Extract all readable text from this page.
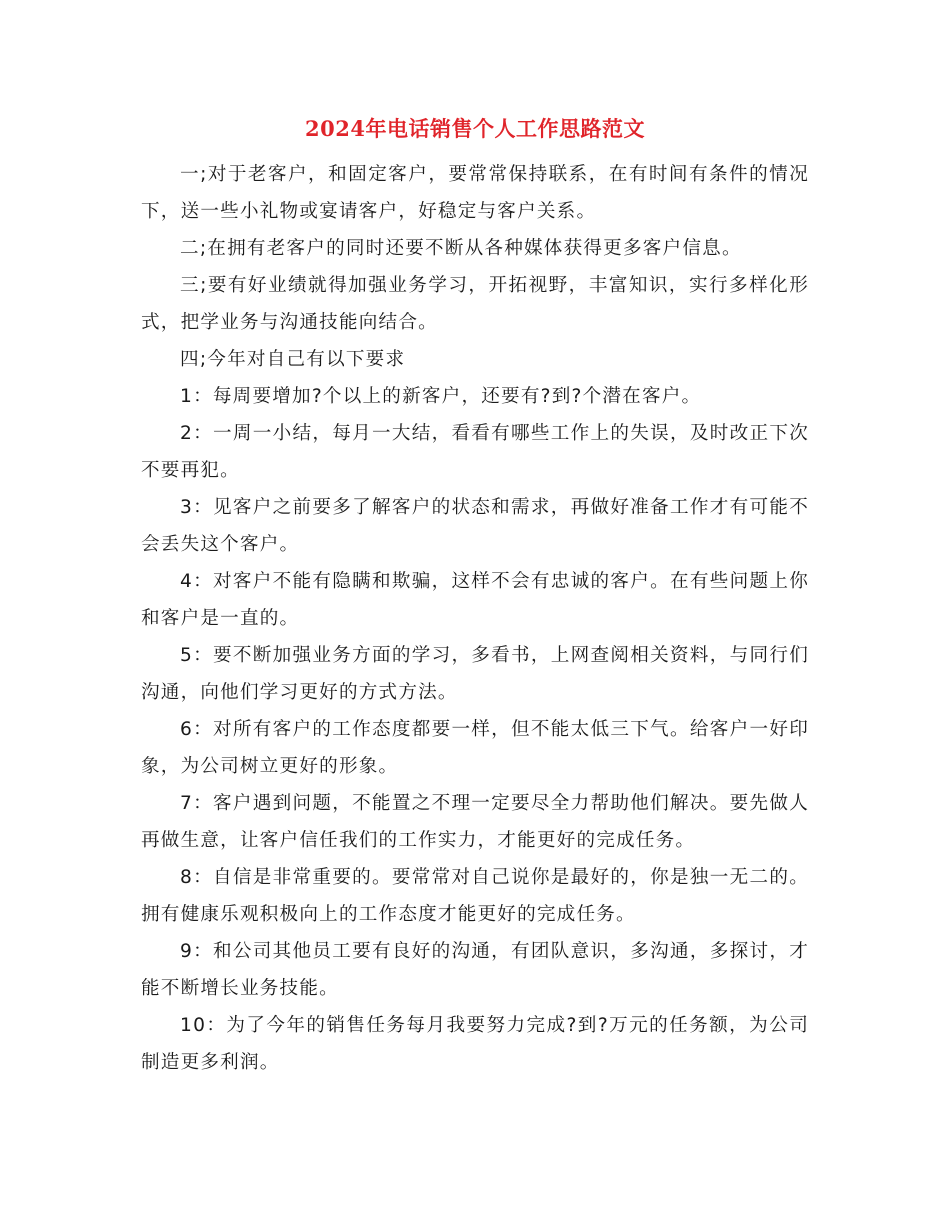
2024年电话销售个人工作思路范文

一;对于老客户，和固定客户，要常常保持联系，在有时间有条件的情况下，送一些小礼物或宴请客户，好稳定与客户关系。

二;在拥有老客户的同时还要不断从各种媒体获得更多客户信息。

三;要有好业绩就得加强业务学习，开拓视野，丰富知识，实行多样化形式，把学业务与沟通技能向结合。

四;今年对自己有以下要求

1：每周要增加?个以上的新客户，还要有?到?个潜在客户。

2：一周一小结，每月一大结，看看有哪些工作上的失误，及时改正下次不要再犯。

3：见客户之前要多了解客户的状态和需求，再做好准备工作才有可能不会丢失这个客户。

4：对客户不能有隐瞒和欺骗，这样不会有忠诚的客户。在有些问题上你和客户是一直的。

5：要不断加强业务方面的学习，多看书，上网查阅相关资料，与同行们沟通，向他们学习更好的方式方法。

6：对所有客户的工作态度都要一样，但不能太低三下气。给客户一好印象，为公司树立更好的形象。

7：客户遇到问题，不能置之不理一定要尽全力帮助他们解决。要先做人再做生意，让客户信任我们的工作实力，才能更好的完成任务。

8：自信是非常重要的。要常常对自己说你是最好的，你是独一无二的。拥有健康乐观积极向上的工作态度才能更好的完成任务。

9：和公司其他员工要有良好的沟通，有团队意识，多沟通，多探讨，才能不断增长业务技能。

10：为了今年的销售任务每月我要努力完成?到?万元的任务额，为公司制造更多利润。
